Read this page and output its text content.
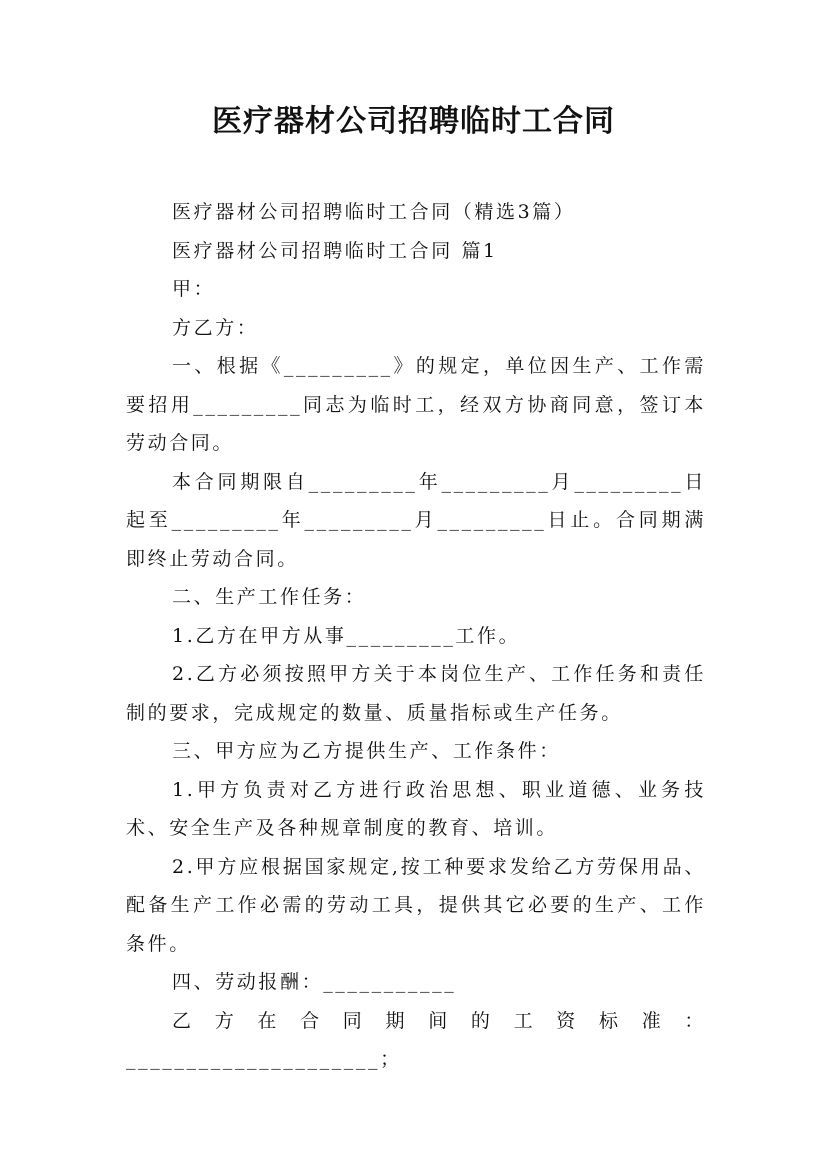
医疗器材公司招聘临时工合同

医疗器材公司招聘临时工合同（精选3篇）

医疗器材公司招聘临时工合同 篇1

甲：

方乙方：

一、根据《_________》的规定，单位因生产、工作需要招用_________同志为临时工，经双方协商同意，签订本劳动合同。

本合同期限自_________年_________月_________日起至_________年_________月_________日止。合同期满即终止劳动合同。

二、生产工作任务：

1.乙方在甲方从事_________工作。

2.乙方必须按照甲方关于本岗位生产、工作任务和责任制的要求，完成规定的数量、质量指标或生产任务。

三、甲方应为乙方提供生产、工作条件：

1.甲方负责对乙方进行政治思想、职业道德、业务技术、安全生产及各种规章制度的教育、培训。

2.甲方应根据国家规定,按工种要求发给乙方劳保用品、配备生产工作必需的劳动工具，提供其它必要的生产、工作条件。

四、劳动报酬：___________

乙方在合同期间的工资标准：_____________________；
